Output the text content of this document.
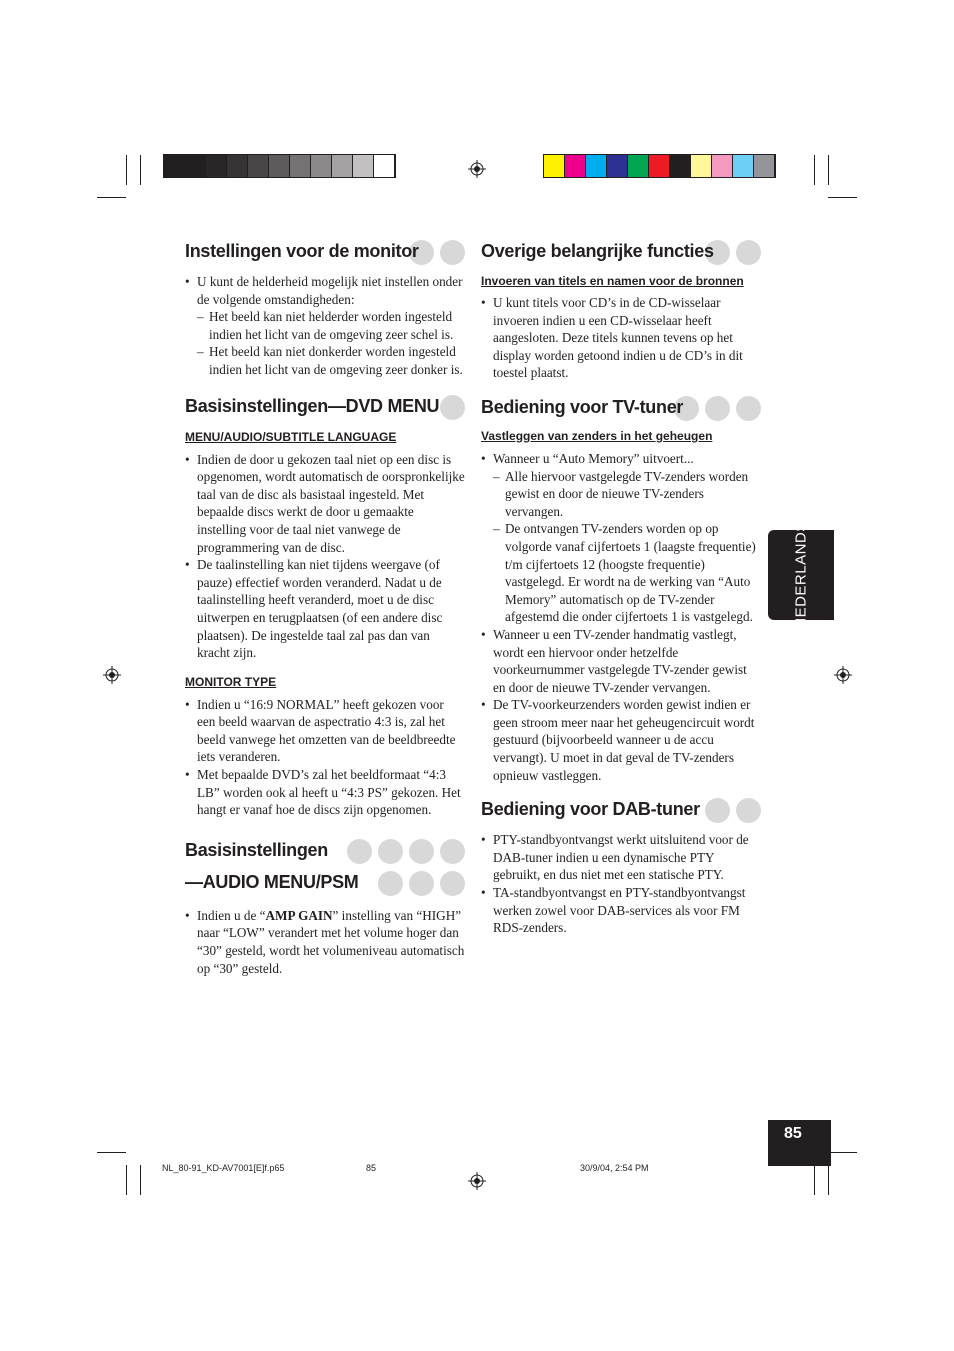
Instellingen voor de monitor
• U kunt de helderheid mogelijk niet instellen onder de volgende omstandigheden:
– Het beeld kan niet helderder worden ingesteld indien het licht van de omgeving zeer schel is.
– Het beeld kan niet donkerder worden ingesteld indien het licht van de omgeving zeer donker is.
Basisinstellingen—DVD MENU

MENU/AUDIO/SUBTITLE LANGUAGE

• Indien de door u gekozen taal niet op een disc is opgenomen, wordt automatisch de oorspronkelijke taal van de disc als basistaal ingesteld. Met bepaalde discs werkt de door u gemaakte instelling voor de taal niet vanwege de programmering van de disc.
• De taalinstelling kan niet tijdens weergave (of pauze) effectief worden veranderd. Nadat u de taalinstelling heeft veranderd, moet u de disc uitwerpen en terugplaatsen (of een andere disc plaatsen). De ingestelde taal zal pas dan van kracht zijn.

MONITOR TYPE

• Indien u “16:9 NORMAL” heeft gekozen voor een beeld waarvan de aspectratio 4:3 is, zal het beeld vanwege het omzetten van de beeldbreedte iets veranderen.
• Met bepaalde DVD’s zal het beeldformaat “4:3 LB” worden ook al heeft u “4:3 PS” gekozen. Het hangt er vanaf hoe de discs zijn opgenomen.
Basisinstellingen
—AUDIO MENU/PSM
• Indien u de “AMP GAIN” instelling van “HIGH” naar “LOW” verandert met het volume hoger dan “30” gesteld, wordt het volumeniveau automatisch op “30” gesteld.
Overige belangrijke functies

Invoeren van titels en namen voor de bronnen

• U kunt titels voor CD’s in de CD-wisselaar invoeren indien u een CD-wisselaar heeft aangesloten. Deze titels kunnen tevens op het display worden getoond indien u de CD’s in dit toestel plaatst.
Bediening voor TV-tuner

Vastleggen van zenders in het geheugen

• Wanneer u “Auto Memory” uitvoert...
– Alle hiervoor vastgelegde TV-zenders worden gewist en door de nieuwe TV-zenders vervangen.
– De ontvangen TV-zenders worden op op volgorde vanaf cijfertoets 1 (laagste frequentie) t/m cijfertoets 12 (hoogste frequentie) vastgelegd. Er wordt na de werking van “Auto Memory” automatisch op de TV-zender afgestemd die onder cijfertoets 1 is vastgelegd.
• Wanneer u een TV-zender handmatig vastlegt, wordt een hiervoor onder hetzelfde voorkeurnummer vastgelegde TV-zender gewist en door de nieuwe TV-zender vervangen.
• De TV-voorkeurzenders worden gewist indien er geen stroom meer naar het geheugencircuit wordt gestuurd (bijvoorbeeld wanneer u de accu vervangt). U moet in dat geval de TV-zenders opnieuw vastleggen.
Bediening voor DAB-tuner
• PTY-standbyontvangst werkt uitsluitend voor de DAB-tuner indien u een dynamische PTY gebruikt, en dus niet met een statische PTY.
• TA-standbyontvangst en PTY-standbyontvangst werken zowel voor DAB-services als voor FM RDS-zenders.
NEDERLANDS
85
NL_80-91_KD-AV7001[E]f.p65	85	30/9/04, 2:54 PM
